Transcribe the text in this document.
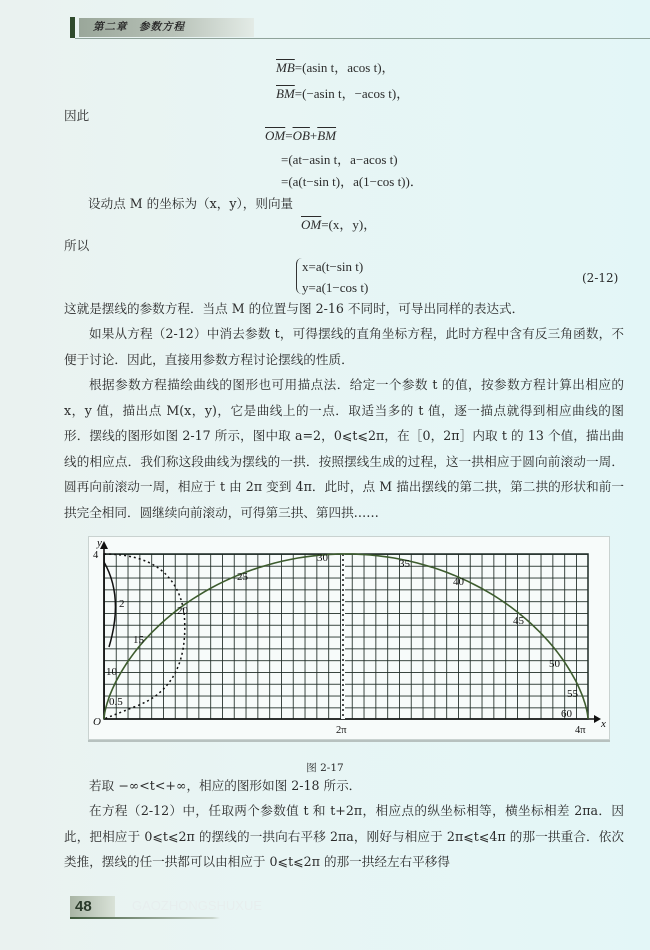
第二章　参数方程
$\overline{MB}=(asin$ t，acos t)，
$\overline{BM}=(-asin$ t，−acos t)，
因此
$\overline{OM}=\overline{OB}+\overline{BM}$
=(at−asin t，a−acos t)
=(a(t−sin t)，a(1−cos t))．
设动点 M 的坐标为（x，y），则向量
$\overline{OM}=(x$，y)，
所以
x=a(t−sin t)
y=a(1−cos t)
(2-12)
这就是摆线的参数方程．当点 M 的位置与图 2-16 不同时，可导出同样的表达式．
如果从方程（2-12）中消去参数 t，可得摆线的直角坐标方程，此时方程中含有反三角函数，不便于讨论．因此，直接用参数方程讨论摆线的性质．
根据参数方程描绘曲线的图形也可用描点法．给定一个参数 t 的值，按参数方程计算出相应的 x，y 值，描出点 M(x，y)，它是曲线上的一点．取适当多的 t 值，逐一描点就得到相应曲线的图形．摆线的图形如图 2-17 所示，图中取 a=2，0⩽t⩽2π，在［0，2π］内取 t 的 13 个值，描出曲线的相应点．我们称这段曲线为摆线的一拱．按照摆线生成的过程，这一拱相应于圆向前滚动一周．圆再向前滚动一周，相应于 t 由 2π 变到 4π．此时，点 M 描出摆线的第二拱，第二拱的形状和前一拱完全相同．圆继续向前滚动，可得第三拱、第四拱……
0.5
10
15
2
20
25
30	35
40
45
50
55
60
y
x
O
4
2π	4π
图 2-17
若取 −∞<t<+∞，相应的图形如图 2-18 所示．
在方程（2-12）中，任取两个参数值 t 和 t+2π，相应点的纵坐标相等，横坐标相差 2πa．因此，把相应于 0⩽t⩽2π 的摆线的一拱向右平移 2πa，刚好与相应于 2π⩽t⩽4π 的那一拱重合．依次类推，摆线的任一拱都可以由相应于 0⩽t⩽2π 的那一拱经左右平移得
48	GAOZHONGSHUXUE
